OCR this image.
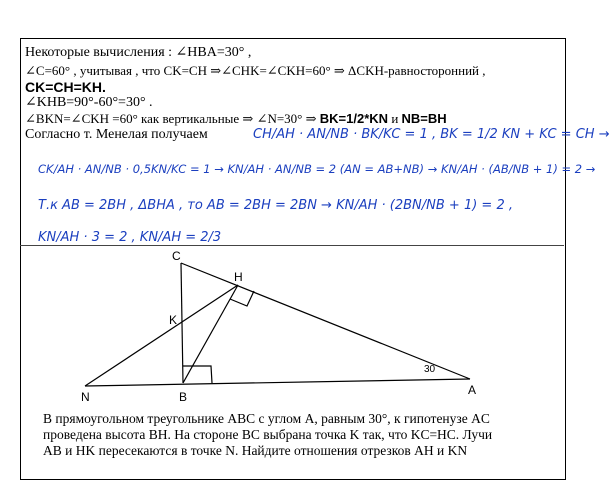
Некоторые вычисления : ∠HBA=30° ,
∠C=60° , учитывая , что CK=CH ⇒∠CHK=∠CKH=60° ⇒ ΔCKH-равносторонний ,
CK=CH=KH.
∠KHB=90°-60°=30° .
∠BKN=∠CKH =60° как вертикальные ⇒ ∠N=30° ⇒ BK=1/2*KN и NB=BH
Согласно т. Менелая получаем	CH/AH · AN/NB · BK/KC = 1 , BK = 1/2 KN + KC = CH →
CK/AH · AN/NB · 0,5KN/KC = 1 → KN/AH · AN/NB = 2 (AN = AB+NB) → KN/AH · (AB/NB + 1) = 2 →
Т.к AB = 2BH , ΔBHA , то AB = 2BH = 2BN → KN/AH · (2BN/NB + 1) = 2 ,
KN/AH · 3 = 2 , KN/AH = 2/3
C
H
K
N	B	A
30
В прямоугольном треугольнике ABC с углом A, равным 30°, к гипотенузе AC проведена высота BH. На стороне BC выбрана точка K так, что KC=HC. Лучи AB и HK пересекаются в точке N. Найдите отношения отрезков AH и KN
